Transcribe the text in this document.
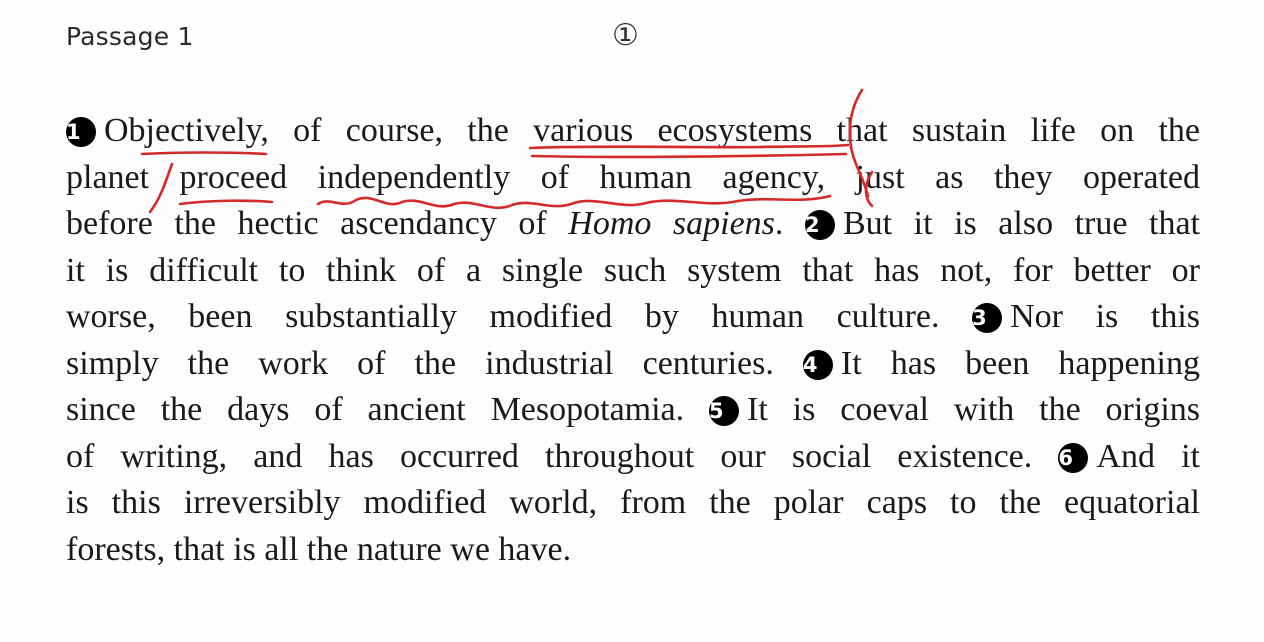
Passage 1	①
1 Objectively, of course, the various ecosystems that sustain life on the
planet proceed independently of human agency, just as they operated
before the hectic ascendancy of Homo sapiens. 2 But it is also true that
it is difficult to think of a single such system that has not, for better or
worse, been substantially modified by human culture. 3 Nor is this
simply the work of the industrial centuries. 4 It has been happening
since the days of ancient Mesopotamia. 5 It is coeval with the origins
of writing, and has occurred throughout our social existence. 6 And it
is this irreversibly modified world, from the polar caps to the equatorial
forests, that is all the nature we have.
